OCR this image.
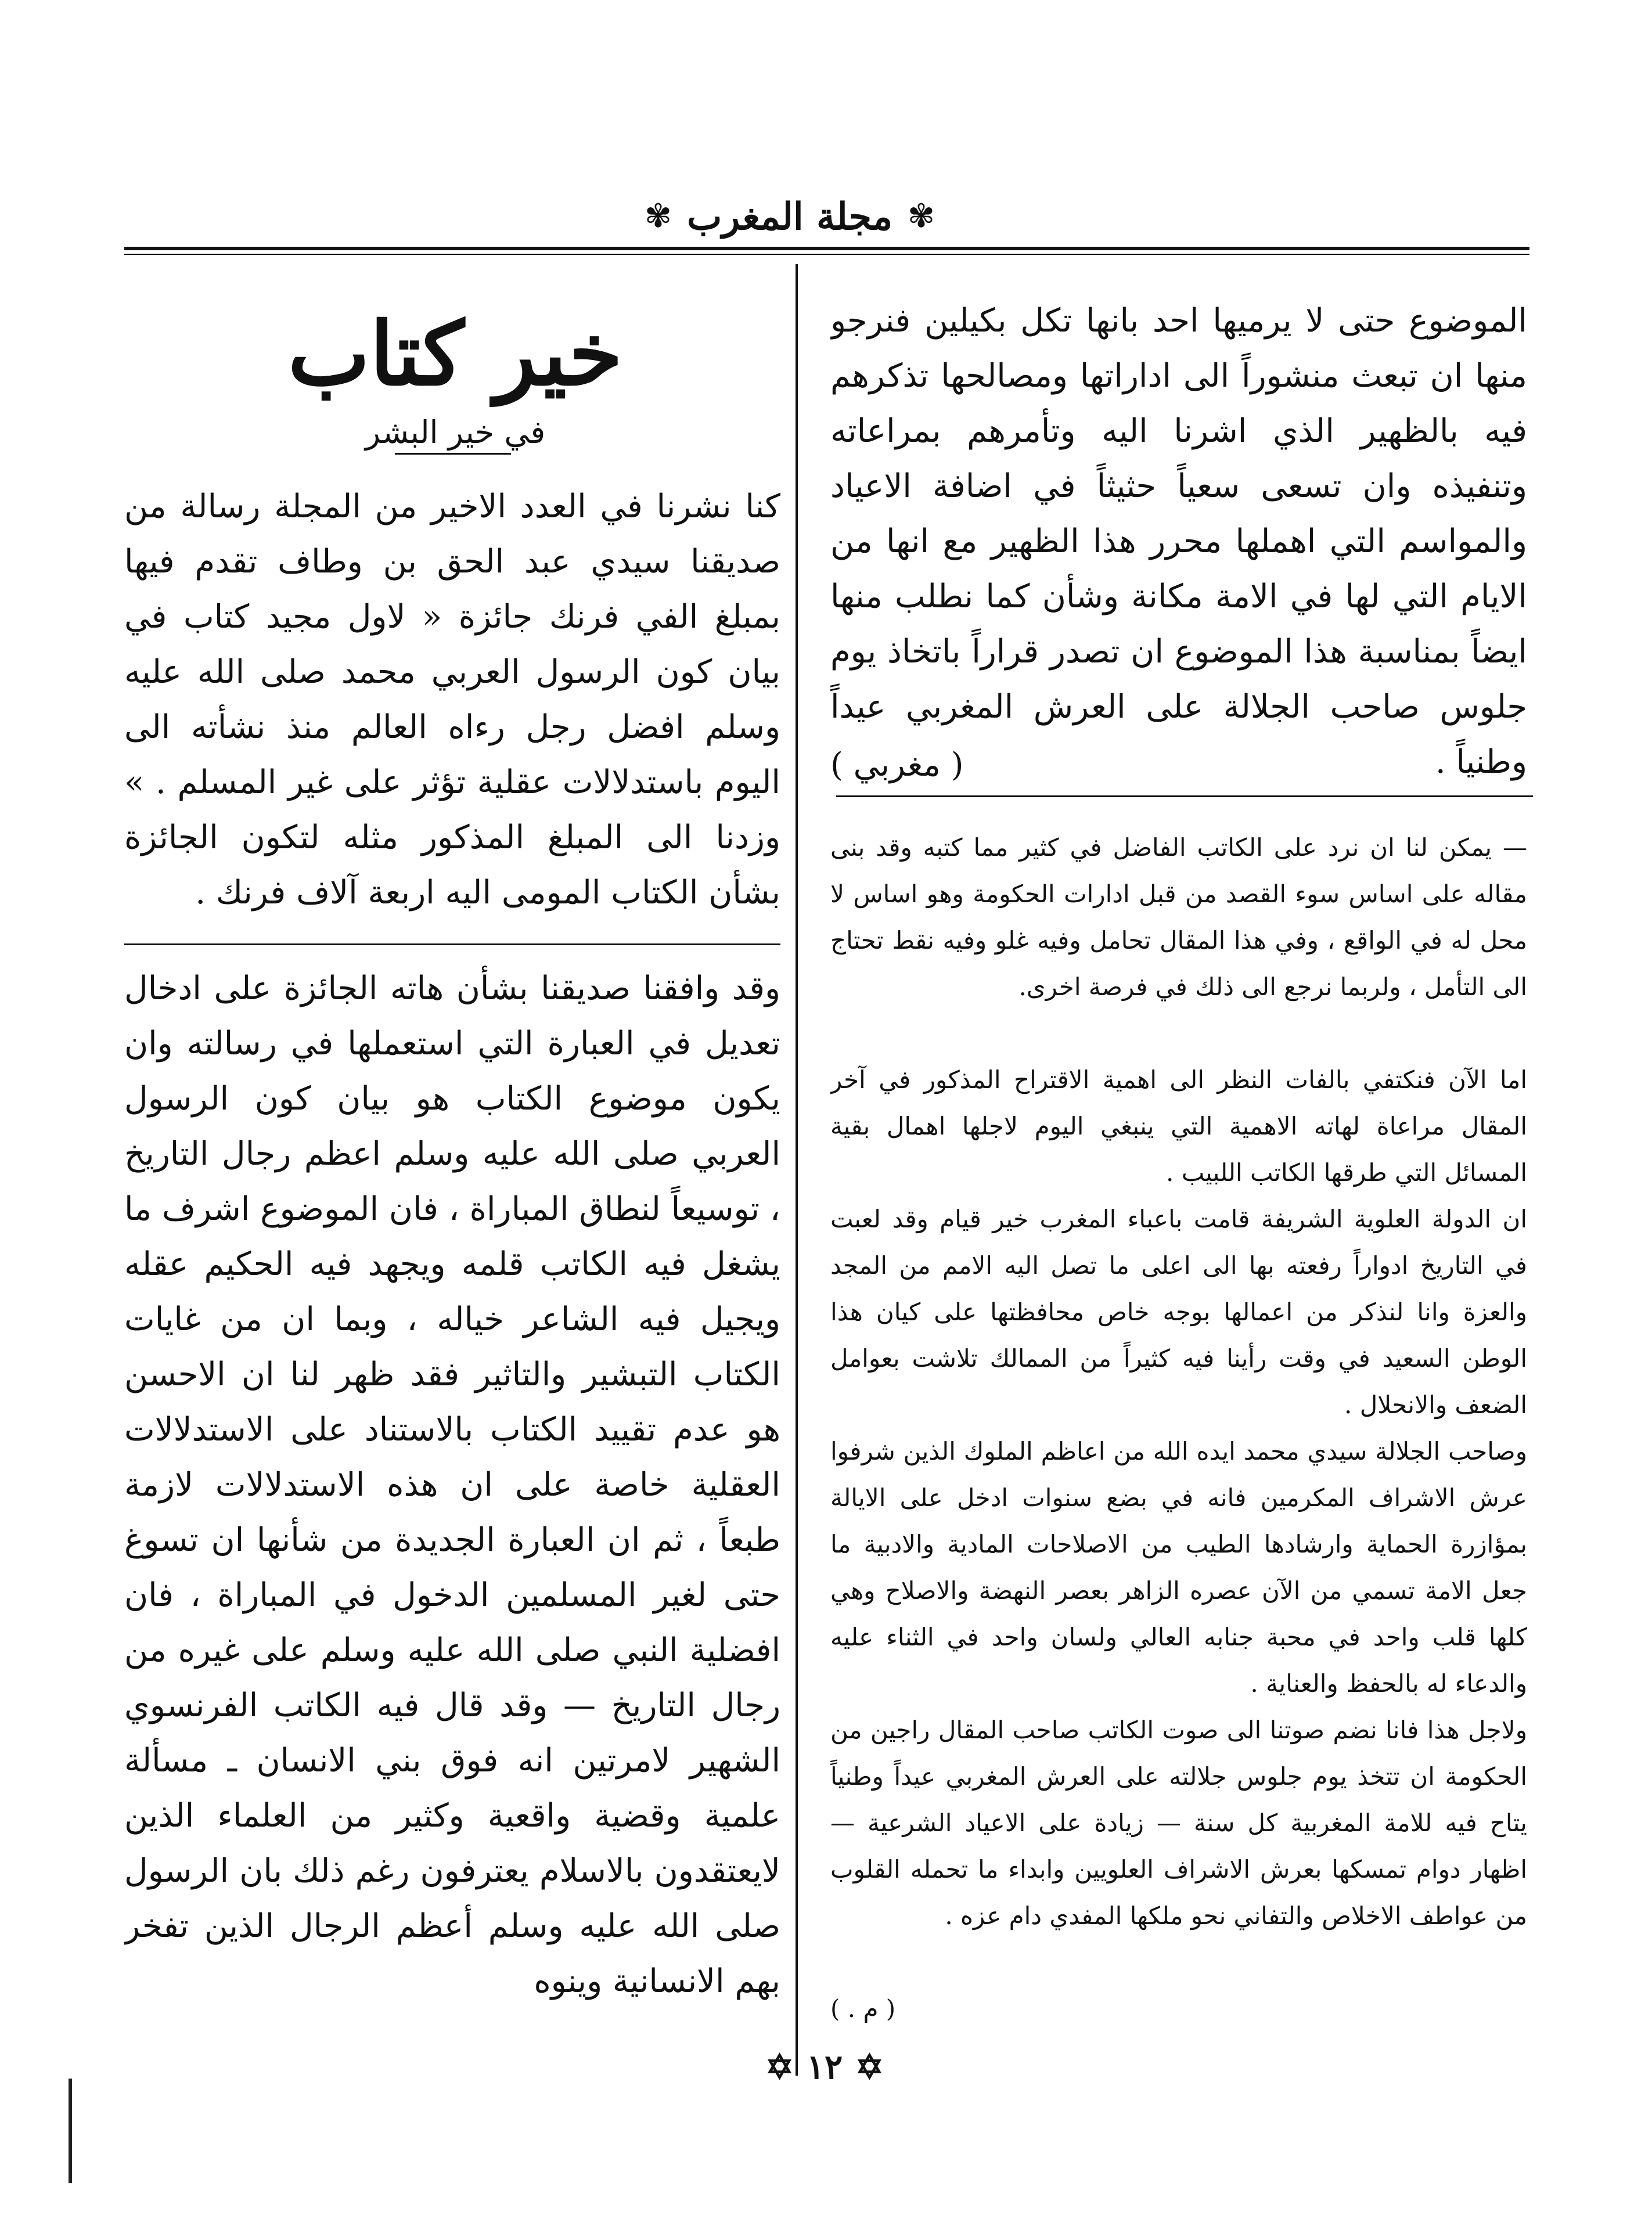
✾
مجلة المغرب
✾
الموضوع حتى لا يرميها احد بانها تكل بكيلين فنرجو منها ان تبعث منشوراً الى اداراتها ومصالحها تذكرهم فيه بالظهير الذي اشرنا اليه وتأمرهم بمراعاته وتنفيذه وان تسعى سعياً حثيثاً في اضافة الاعياد والمواسم التي اهملها محرر هذا الظهير مع انها من الايام التي لها في الامة مكانة وشأن كما نطلب منها ايضاً بمناسبة هذا الموضوع ان تصدر قراراً باتخاذ يوم جلوس صاحب الجلالة على العرش المغربي عيداً وطنياً .
( مغربي )
— يمكن لنا ان نرد على الكاتب الفاضل في كثير مما كتبه وقد بنى مقاله على اساس سوء القصد من قبل ادارات الحكومة وهو اساس لا محل له في الواقع ، وفي هذا المقال تحامل وفيه غلو وفيه نقط تحتاج الى التأمل ، ولربما نرجع الى ذلك في فرصة اخرى.
اما الآن فنكتفي بالفات النظر الى اهمية الاقتراح المذكور في آخر المقال مراعاة لهاته الاهمية التي ينبغي اليوم لاجلها اهمال بقية المسائل التي طرقها الكاتب اللبيب .
ان الدولة العلوية الشريفة قامت باعباء المغرب خير قيام وقد لعبت في التاريخ ادواراً رفعته بها الى اعلى ما تصل اليه الامم من المجد والعزة وانا لنذكر من اعمالها بوجه خاص محافظتها على كيان هذا الوطن السعيد في وقت رأينا فيه كثيراً من الممالك تلاشت بعوامل الضعف والانحلال .
وصاحب الجلالة سيدي محمد ايده الله من اعاظم الملوك الذين شرفوا عرش الاشراف المكرمين فانه في بضع سنوات ادخل على الايالة بمؤازرة الحماية وارشادها الطيب من الاصلاحات المادية والادبية ما جعل الامة تسمي من الآن عصره الزاهر بعصر النهضة والاصلاح وهي كلها قلب واحد في محبة جنابه العالي ولسان واحد في الثناء عليه والدعاء له بالحفظ والعناية .
ولاجل هذا فانا نضم صوتنا الى صوت الكاتب صاحب المقال راجين من الحكومة ان تتخذ يوم جلوس جلالته على العرش المغربي عيداً وطنياً يتاح فيه للامة المغربية كل سنة — زيادة على الاعياد الشرعية — اظهار دوام تمسكها بعرش الاشراف العلويين وابداء ما تحمله القلوب من عواطف الاخلاص والتفاني نحو ملكها المفدي دام عزه .
( م . )
خير كتاب
في خير البشر
كنا نشرنا في العدد الاخير من المجلة رسالة من صديقنا سيدي عبد الحق بن وطاف تقدم فيها بمبلغ الفي فرنك جائزة « لاول مجيد كتاب في بيان كون الرسول العربي محمد صلى الله عليه وسلم افضل رجل رءاه العالم منذ نشأته الى اليوم باستدلالات عقلية تؤثر على غير المسلم . » وزدنا الى المبلغ المذكور مثله لتكون الجائزة بشأن الكتاب المومى اليه اربعة آلاف فرنك .
وقد وافقنا صديقنا بشأن هاته الجائزة على ادخال تعديل في العبارة التي استعملها في رسالته وان يكون موضوع الكتاب هو بيان كون الرسول العربي صلى الله عليه وسلم اعظم رجال التاريخ ، توسيعاً لنطاق المباراة ، فان الموضوع اشرف ما يشغل فيه الكاتب قلمه ويجهد فيه الحكيم عقله ويجيل فيه الشاعر خياله ، وبما ان من غايات الكتاب التبشير والتاثير فقد ظهر لنا ان الاحسن هو عدم تقييد الكتاب بالاستناد على الاستدلالات العقلية خاصة على ان هذه الاستدلالات لازمة طبعاً ، ثم ان العبارة الجديدة من شأنها ان تسوغ حتى لغير المسلمين الدخول في المباراة ، فان افضلية النبي صلى الله عليه وسلم على غيره من رجال التاريخ — وقد قال فيه الكاتب الفرنسوي الشهير لامرتين انه فوق بني الانسان ـ مسألة علمية وقضية واقعية وكثير من العلماء الذين لايعتقدون بالاسلام يعترفون رغم ذلك بان الرسول صلى الله عليه وسلم أعظم الرجال الذين تفخر بهم الانسانية وينوه
✡
١٢
✡
